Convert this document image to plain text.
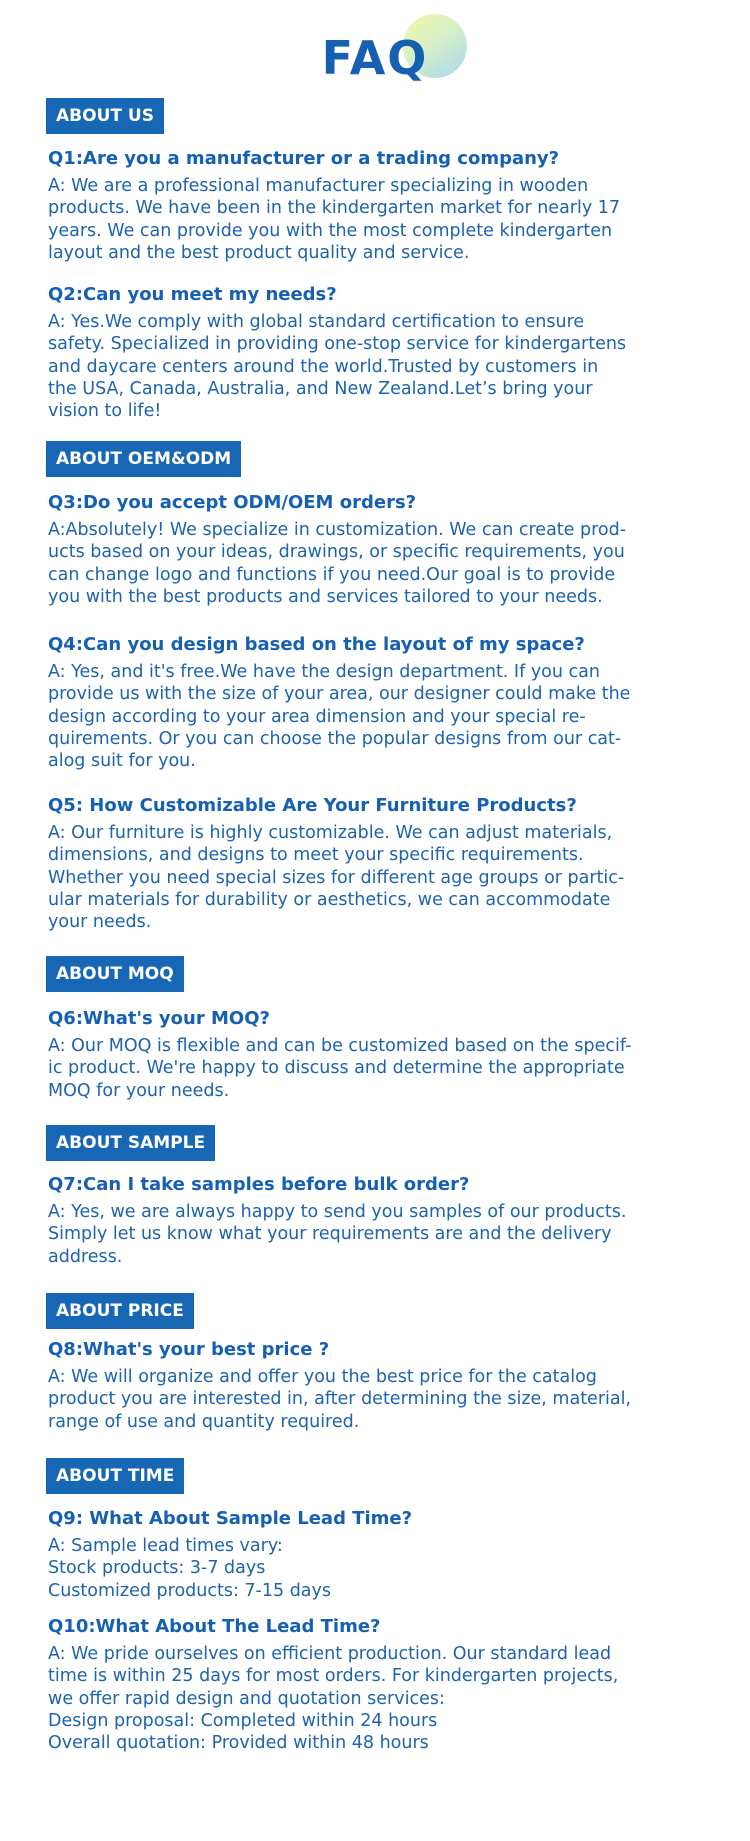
FAQ
ABOUT US
Q1:Are you a manufacturer or a trading company?
A: We are a professional manufacturer specializing in wooden
products. We have been in the kindergarten market for nearly 17
years. We can provide you with the most complete kindergarten
layout and the best product quality and service.
Q2:Can you meet my needs?
A: Yes.We comply with global standard certification to ensure
safety. Specialized in providing one-stop service for kindergartens
and daycare centers around the world.Trusted by customers in
the USA, Canada, Australia, and New Zealand.Let’s bring your
vision to life!
ABOUT OEM&ODM
Q3:Do you accept ODM/OEM orders?
A:Absolutely! We specialize in customization. We can create prod-
ucts based on your ideas, drawings, or specific requirements, you
can change logo and functions if you need.Our goal is to provide
you with the best products and services tailored to your needs.
Q4:Can you design based on the layout of my space?
A: Yes, and it's free.We have the design department. If you can
provide us with the size of your area, our designer could make the
design according to your area dimension and your special re-
quirements. Or you can choose the popular designs from our cat-
alog suit for you.
Q5: How Customizable Are Your Furniture Products?
A: Our furniture is highly customizable. We can adjust materials,
dimensions, and designs to meet your specific requirements.
Whether you need special sizes for different age groups or partic-
ular materials for durability or aesthetics, we can accommodate
your needs.
ABOUT MOQ
Q6:What's your MOQ?
A: Our MOQ is flexible and can be customized based on the specif-
ic product. We're happy to discuss and determine the appropriate
MOQ for your needs.
ABOUT SAMPLE
Q7:Can I take samples before bulk order?
A: Yes, we are always happy to send you samples of our products.
Simply let us know what your requirements are and the delivery
address.
ABOUT PRICE
Q8:What's your best price ?
A: We will organize and offer you the best price for the catalog
product you are interested in, after determining the size, material,
range of use and quantity required.
ABOUT TIME
Q9: What About Sample Lead Time?
A: Sample lead times vary:
Stock products: 3-7 days
Customized products: 7-15 days
Q10:What About The Lead Time?
A: We pride ourselves on efficient production. Our standard lead
time is within 25 days for most orders. For kindergarten projects,
we offer rapid design and quotation services:
Design proposal: Completed within 24 hours
Overall quotation: Provided within 48 hours
